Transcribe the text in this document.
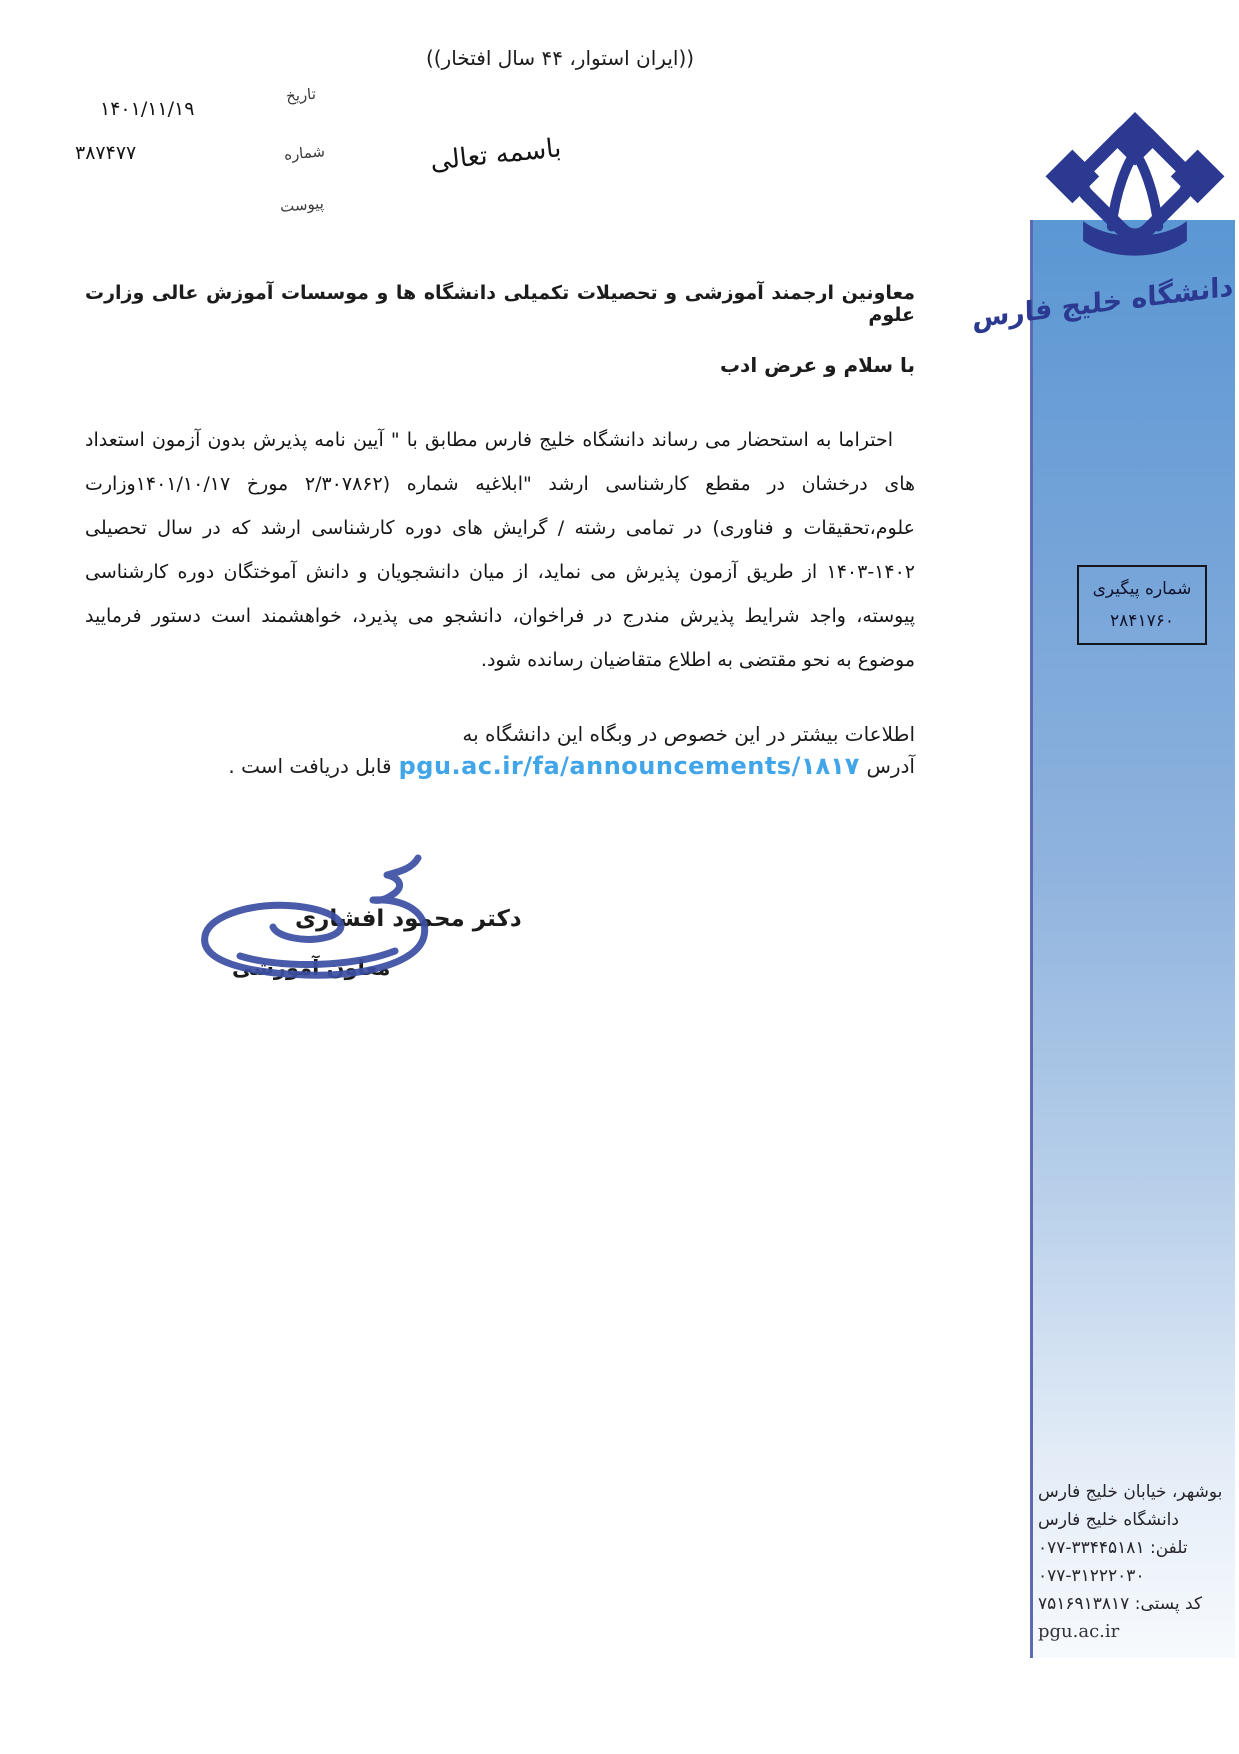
((ایران استوار، ۴۴ سال افتخار))
تاریخ
۱۴۰۱/۱۱/۱۹
شماره
۳۸۷۴۷۷
پیوست
باسمه تعالی
دانشگاه خلیج فارس
شماره پیگیری
۲۸۴۱۷۶۰
معاونین ارجمند آموزشی و تحصیلات تکمیلی دانشگاه ها و موسسات آموزش عالی وزارت علوم
با سلام و عرض ادب
احتراما به استحضار می رساند دانشگاه خلیج فارس مطابق با " آیین نامه پذیرش بدون آزمون استعداد های درخشان در مقطع کارشناسی ارشد "ابلاغیه شماره (۲/۳۰۷۸۶۲ مورخ ۱۴۰۱/۱۰/۱۷وزارت علوم،تحقیقات و فناوری) در تمامی رشته / گرایش های دوره کارشناسی ارشد که در سال تحصیلی ۱۴۰۲-۱۴۰۳ از طریق آزمون پذیرش می نماید، از میان دانشجویان و دانش آموختگان دوره کارشناسی پیوسته، واجد شرایط پذیرش مندرج در فراخوان، دانشجو می پذیرد، خواهشمند است دستور فرمایید موضوع به نحو مقتضی به اطلاع متقاضیان رسانده شود.
اطلاعات بیشتر در این خصوص در وبگاه این دانشگاه به
آدرس
pgu.ac.ir/fa/announcements/۱۸۱۷
قابل دریافت است .
دکتر محمود افشاری
معاون آموزشی
بوشهر، خیابان خلیج فارس
دانشگاه خلیج فارس
تلفن: ۰۷۷-۳۳۴۴۵۱۸۱
۰۷۷-۳۱۲۲۲۰۳۰
کد پستی: ۷۵۱۶۹۱۳۸۱۷
pgu.ac.ir
